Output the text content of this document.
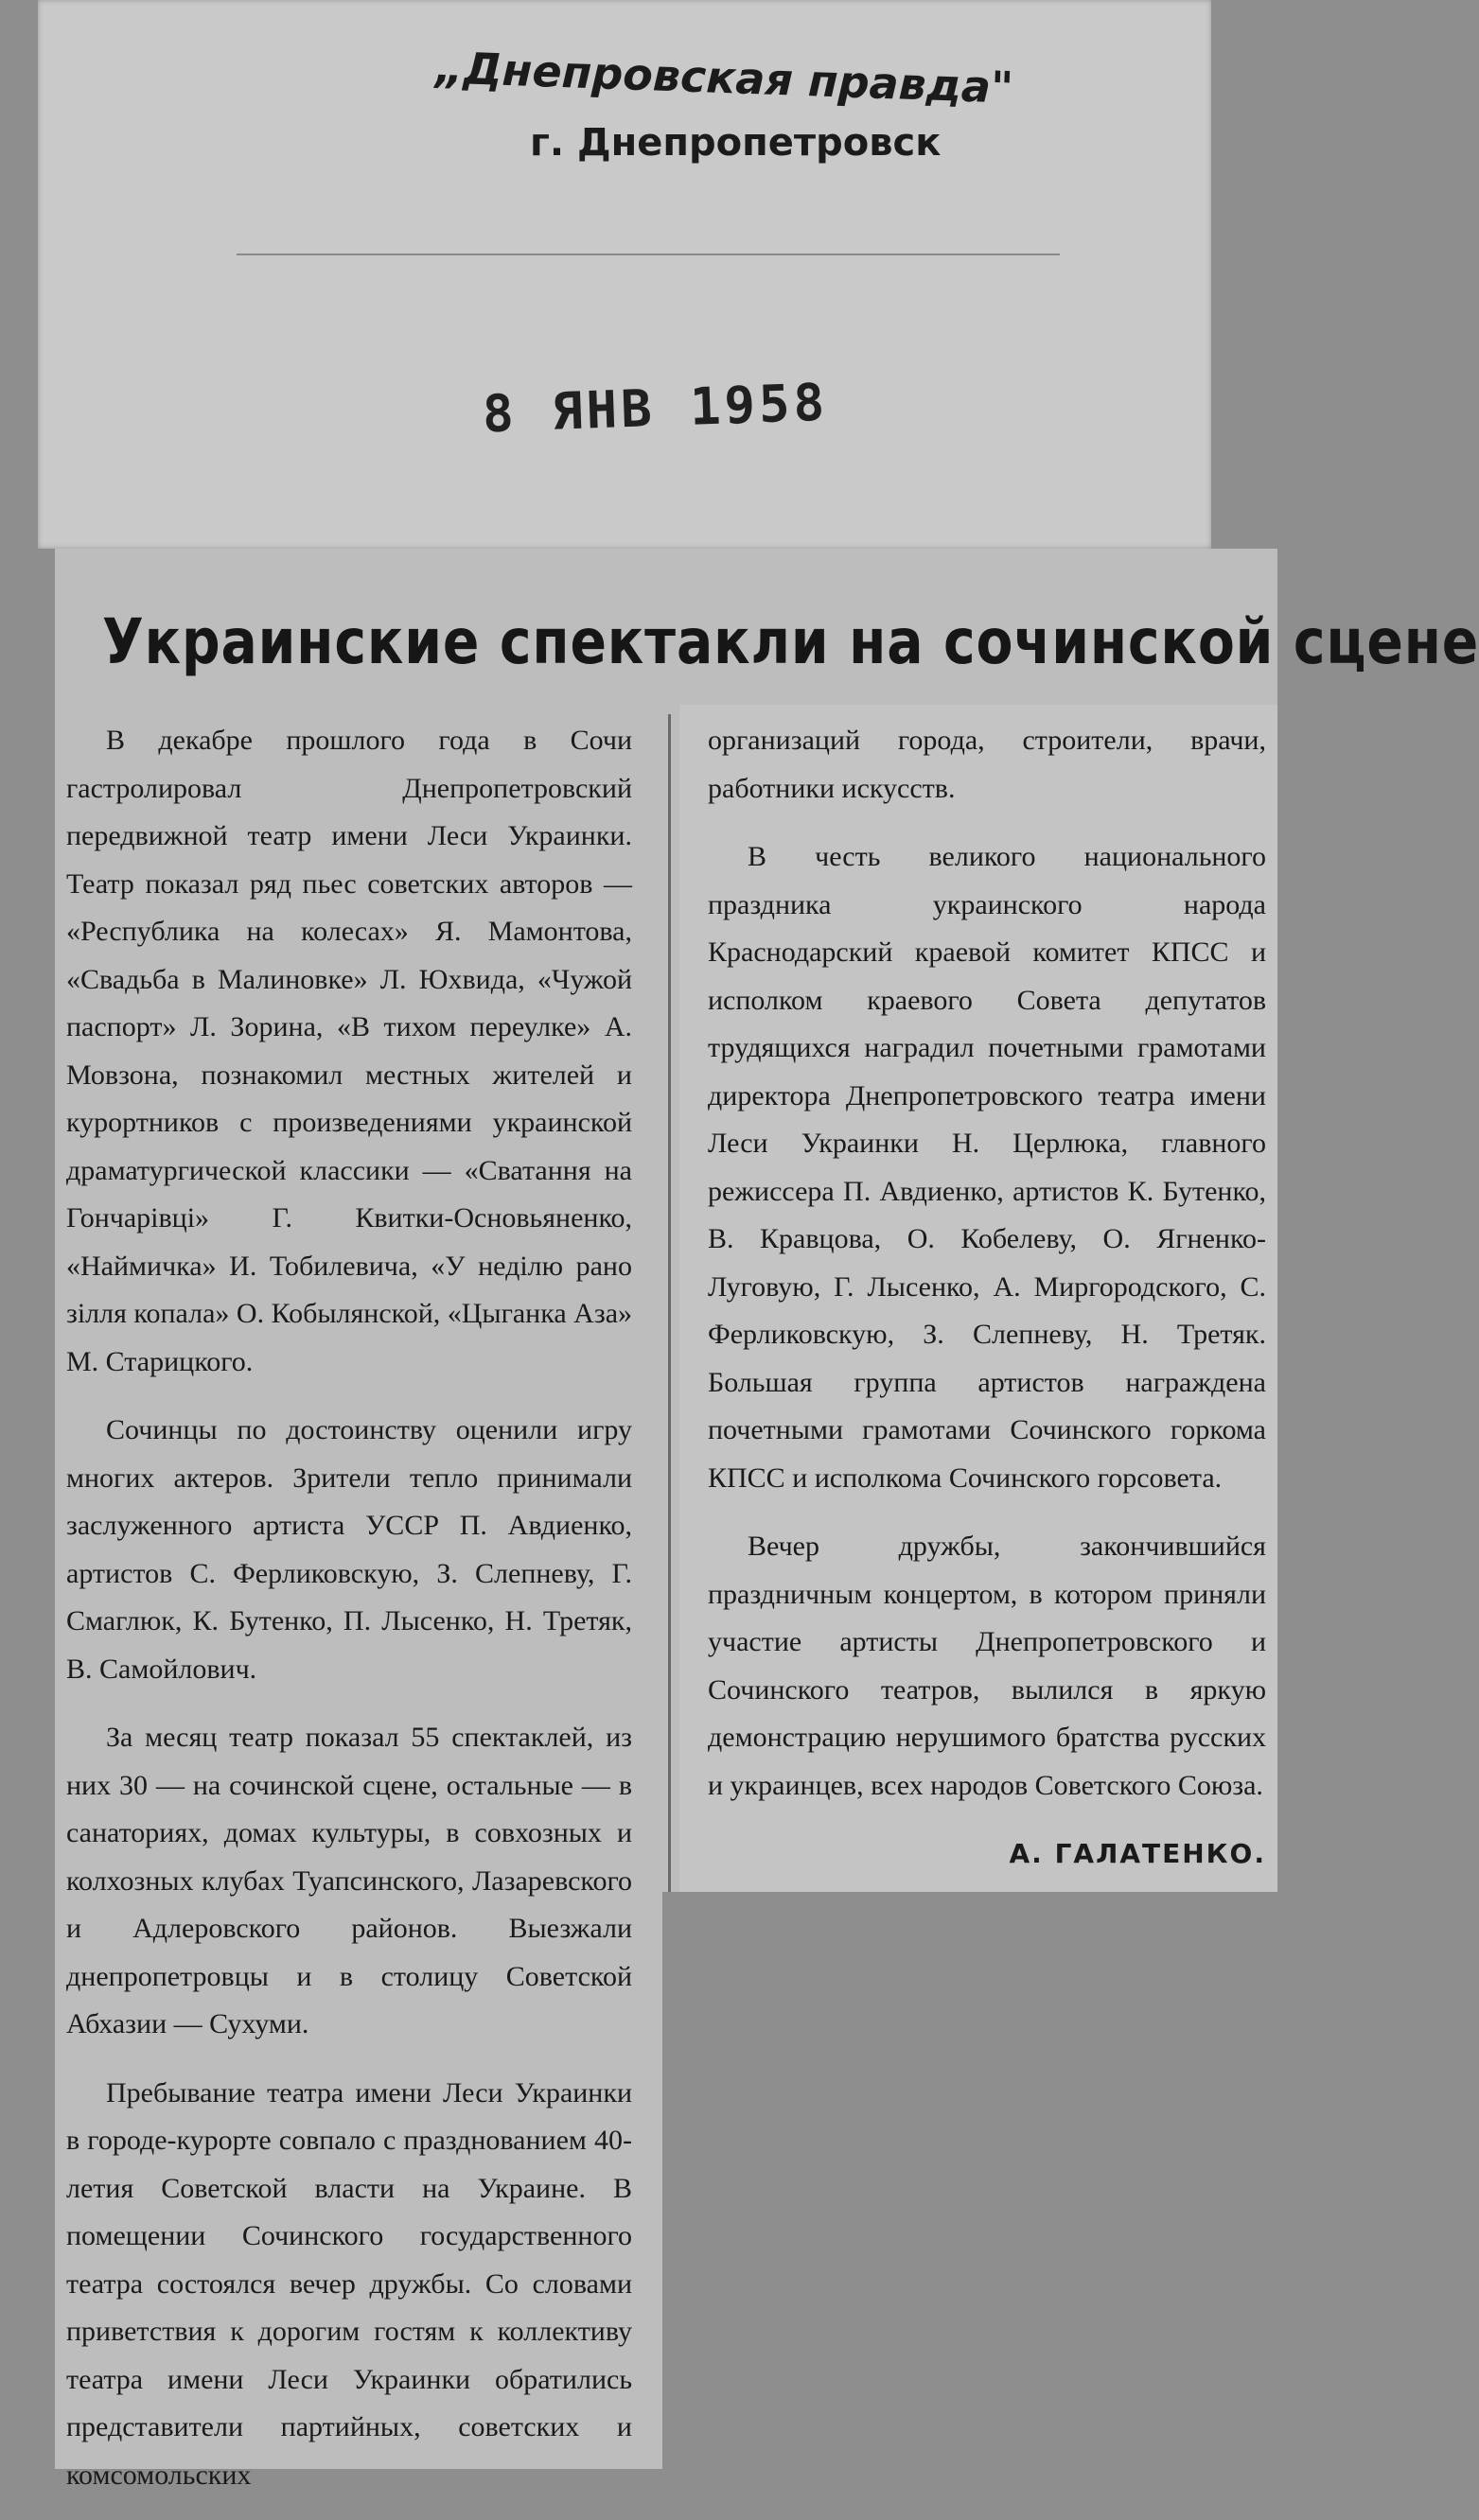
„Днепровская правда"
г. Днепропетровск
8 ЯНВ 1958
Украинские спектакли на сочинской сцене

В декабре прошлого года в Сочи гастролировал Днепропетровский передвижной театр имени Леси Украинки. Театр показал ряд пьес советских авторов — «Республика на колесах» Я. Мамонтова, «Свадьба в Малиновке» Л. Юхвида, «Чужой паспорт» Л. Зорина, «В тихом переулке» А. Мовзона, познакомил местных жителей и курортников с произведениями украинской драматургической классики — «Сватання на Гончарівці» Г. Квитки-Основьяненко, «Наймичка» И. Тобилевича, «У неділю рано зілля копала» О. Кобылянской, «Цыганка Аза» М. Старицкого.

Сочинцы по достоинству оценили игру многих актеров. Зрители тепло принимали заслуженного артиста УССР П. Авдиенко, артистов С. Ферликовскую, З. Слепневу, Г. Смаглюк, К. Бутенко, П. Лысенко, Н. Третяк, В. Самойлович.

За месяц театр показал 55 спектаклей, из них 30 — на сочинской сцене, остальные — в санаториях, домах культуры, в совхозных и колхозных клубах Туапсинского, Лазаревского и Адлеровского районов. Выезжали днепропетровцы и в столицу Советской Абхазии — Сухуми.

Пребывание театра имени Леси Украинки в городе-курорте совпало с празднованием 40-летия Советской власти на Украине. В помещении Сочинского государственного театра состоялся вечер дружбы. Со словами приветствия к дорогим гостям к коллективу театра имени Леси Украинки обратились представители партийных, советских и комсомольских

организаций города, строители, врачи, работники искусств.

В честь великого национального праздника украинского народа Краснодарский краевой комитет КПСС и исполком краевого Совета депутатов трудящихся наградил почетными грамотами директора Днепропетровского театра имени Леси Украинки Н. Церлюка, главного режиссера П. Авдиенко, артистов К. Бутенко, В. Кравцова, О. Кобелеву, О. Ягненко-Луговую, Г. Лысенко, А. Миргородского, С. Ферликовскую, З. Слепневу, Н. Третяк. Большая группа артистов награждена почетными грамотами Сочинского горкома КПСС и исполкома Сочинского горсовета.

Вечер дружбы, закончившийся праздничным концертом, в котором приняли участие артисты Днепропетровского и Сочинского театров, вылился в яркую демонстрацию нерушимого братства русских и украинцев, всех народов Советского Союза.

А. ГАЛАТЕНКО.
